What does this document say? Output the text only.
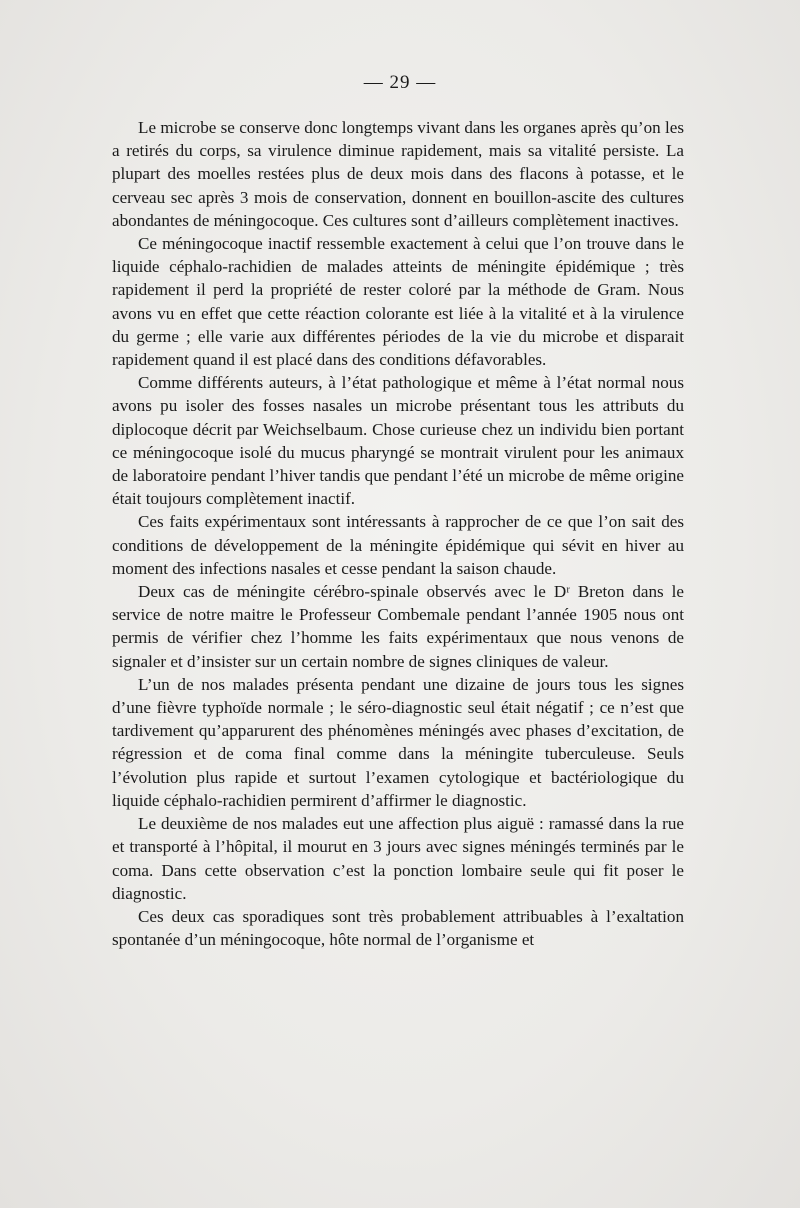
— 29 —

Le microbe se conserve donc longtemps vivant dans les organes après qu’on les a retirés du corps, sa virulence diminue rapidement, mais sa vitalité persiste. La plupart des moelles restées plus de deux mois dans des flacons à potasse, et le cerveau sec après 3 mois de conservation, donnent en bouillon-ascite des cultures abondantes de méningocoque. Ces cultures sont d’ailleurs complètement inactives.

Ce méningocoque inactif ressemble exactement à celui que l’on trouve dans le liquide céphalo-rachidien de malades atteints de méningite épidémique ; très rapidement il perd la propriété de rester coloré par la méthode de Gram. Nous avons vu en effet que cette réaction colorante est liée à la vitalité et à la virulence du germe ; elle varie aux différentes périodes de la vie du microbe et disparait rapidement quand il est placé dans des conditions défavorables.

Comme différents auteurs, à l’état pathologique et même à l’état normal nous avons pu isoler des fosses nasales un microbe présentant tous les attributs du diplocoque décrit par Weichselbaum. Chose curieuse chez un individu bien portant ce méningocoque isolé du mucus pharyngé se montrait virulent pour les animaux de laboratoire pendant l’hiver tandis que pendant l’été un microbe de même origine était toujours complètement inactif.

Ces faits expérimentaux sont intéressants à rapprocher de ce que l’on sait des conditions de développement de la méningite épidémique qui sévit en hiver au moment des infections nasales et cesse pendant la saison chaude.

Deux cas de méningite cérébro-spinale observés avec le Dʳ Breton dans le service de notre maitre le Professeur Combemale pendant l’année 1905 nous ont permis de vérifier chez l’homme les faits expérimentaux que nous venons de signaler et d’insister sur un certain nombre de signes cliniques de valeur.

L’un de nos malades présenta pendant une dizaine de jours tous les signes d’une fièvre typhoïde normale ; le séro-diagnostic seul était négatif ; ce n’est que tardivement qu’apparurent des phénomènes méningés avec phases d’excitation, de régression et de coma final comme dans la méningite tuberculeuse. Seuls l’évolution plus rapide et surtout l’examen cytologique et bactériologique du liquide céphalo-rachidien permirent d’affirmer le diagnostic.

Le deuxième de nos malades eut une affection plus aiguë : ramassé dans la rue et transporté à l’hôpital, il mourut en 3 jours avec signes méningés terminés par le coma. Dans cette observation c’est la ponction lombaire seule qui fit poser le diagnostic.

Ces deux cas sporadiques sont très probablement attribuables à l’exaltation spontanée d’un méningocoque, hôte normal de l’organisme et
